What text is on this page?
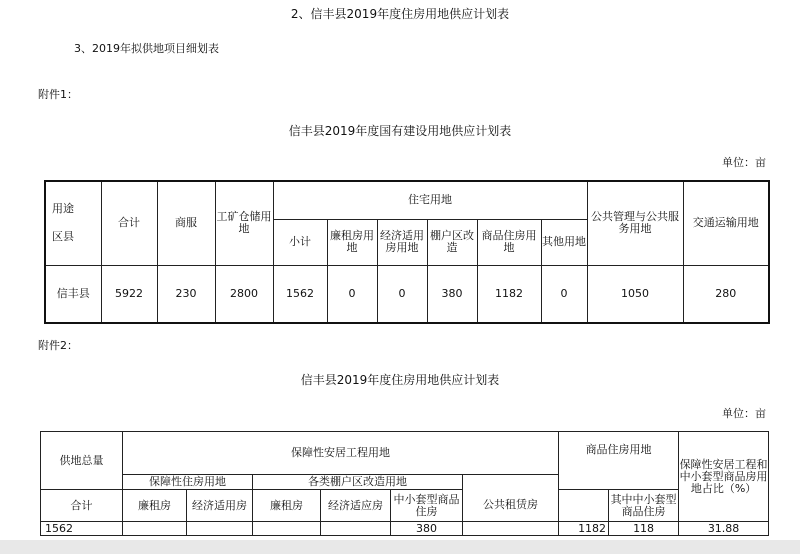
2、信丰县2019年度住房用地供应计划表
3、2019年拟供地项目细划表
附件1：
信丰县2019年度国有建设用地供应计划表
单位：亩
用途
区县	合计	商服	工矿仓储用地	住宅用地						公共管理与公共服务用地	交通运输用地
				小计	廉租房用地	经济适用房用地	棚户区改造	商品住房用地	其他用地		
信丰县	5922	230	2800	1562	0	0	380	1182	0	1050	280
附件2：
信丰县2019年度住房用地供应计划表
单位：亩
供地总量	保障性安居工程用地						商品住房用地		保障性安居工程和中小套型商品房用地占比（%）
	保障性住房用地		各类棚户区改造用地						
合计	廉租房	经济适用房	廉租房	经济适应房	中小套型商品住房	公共租赁房		其中中小套型商品住房	
1562					380		1182	118	31.88
